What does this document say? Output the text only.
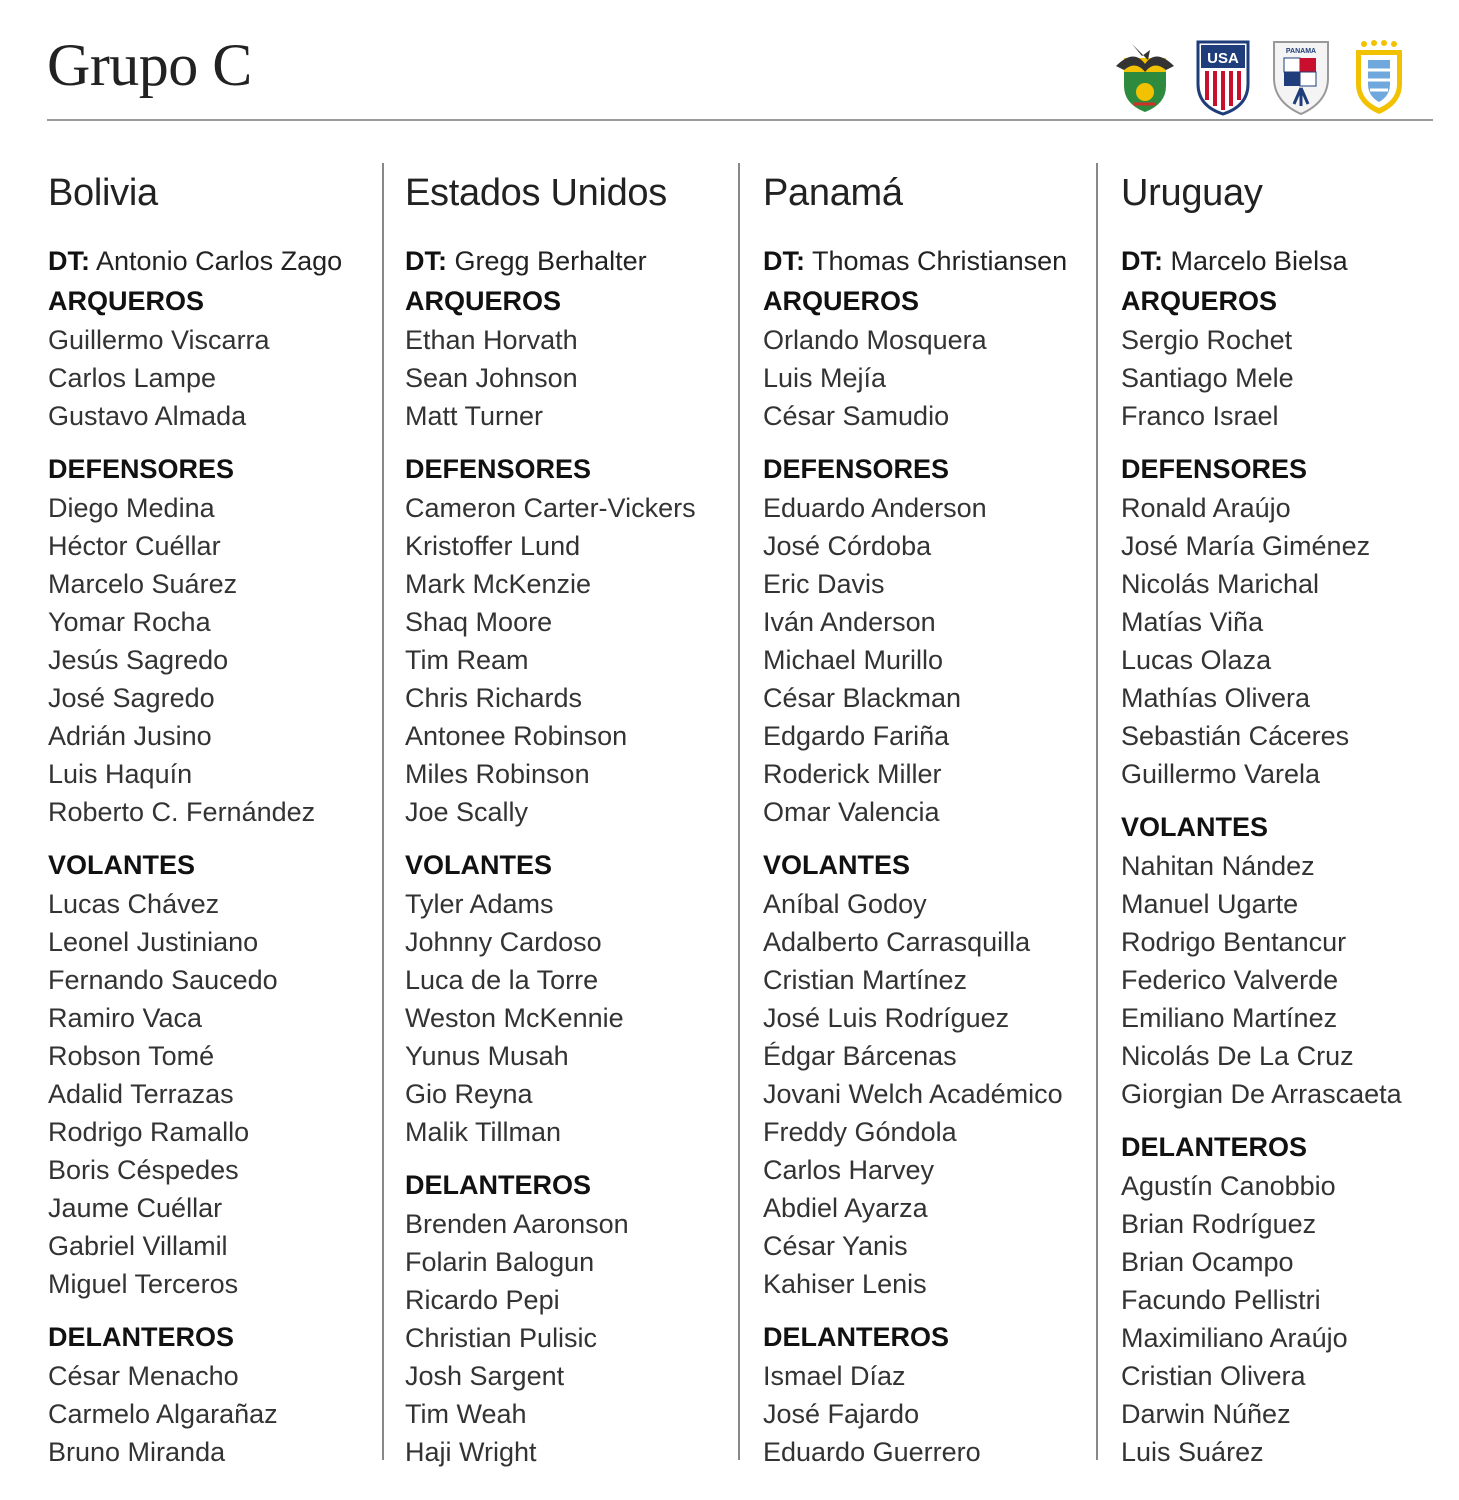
Grupo C	USA	PANAMA
Bolivia
DT: Antonio Carlos Zago
ARQUEROS
Guillermo Viscarra
Carlos Lampe
Gustavo Almada
DEFENSORES
Diego Medina
Héctor Cuéllar
Marcelo Suárez
Yomar Rocha
Jesús Sagredo
José Sagredo
Adrián Jusino
Luis Haquín
Roberto C. Fernández
VOLANTES
Lucas Chávez
Leonel Justiniano
Fernando Saucedo
Ramiro Vaca
Robson Tomé
Adalid Terrazas
Rodrigo Ramallo
Boris Céspedes
Jaume Cuéllar
Gabriel Villamil
Miguel Terceros
DELANTEROS
César Menacho
Carmelo Algarañaz
Bruno Miranda
Estados Unidos
DT: Gregg Berhalter
ARQUEROS
Ethan Horvath
Sean Johnson
Matt Turner
DEFENSORES
Cameron Carter-Vickers
Kristoffer Lund
Mark McKenzie
Shaq Moore
Tim Ream
Chris Richards
Antonee Robinson
Miles Robinson
Joe Scally
VOLANTES
Tyler Adams
Johnny Cardoso
Luca de la Torre
Weston McKennie
Yunus Musah
Gio Reyna
Malik Tillman
DELANTEROS
Brenden Aaronson
Folarin Balogun
Ricardo Pepi
Christian Pulisic
Josh Sargent
Tim Weah
Haji Wright
Panamá
DT: Thomas Christiansen
ARQUEROS
Orlando Mosquera
Luis Mejía
César Samudio
DEFENSORES
Eduardo Anderson
José Córdoba
Eric Davis
Iván Anderson
Michael Murillo
César Blackman
Edgardo Fariña
Roderick Miller
Omar Valencia
VOLANTES
Aníbal Godoy
Adalberto Carrasquilla
Cristian Martínez
José Luis Rodríguez
Édgar Bárcenas
Jovani Welch Académico
Freddy Góndola
Carlos Harvey
Abdiel Ayarza
César Yanis
Kahiser Lenis
DELANTEROS
Ismael Díaz
José Fajardo
Eduardo Guerrero
Uruguay
DT: Marcelo Bielsa
ARQUEROS
Sergio Rochet
Santiago Mele
Franco Israel
DEFENSORES
Ronald Araújo
José María Giménez
Nicolás Marichal
Matías Viña
Lucas Olaza
Mathías Olivera
Sebastián Cáceres
Guillermo Varela
VOLANTES
Nahitan Nández
Manuel Ugarte
Rodrigo Bentancur
Federico Valverde
Emiliano Martínez
Nicolás De La Cruz
Giorgian De Arrascaeta
DELANTEROS
Agustín Canobbio
Brian Rodríguez
Brian Ocampo
Facundo Pellistri
Maximiliano Araújo
Cristian Olivera
Darwin Núñez
Luis Suárez
